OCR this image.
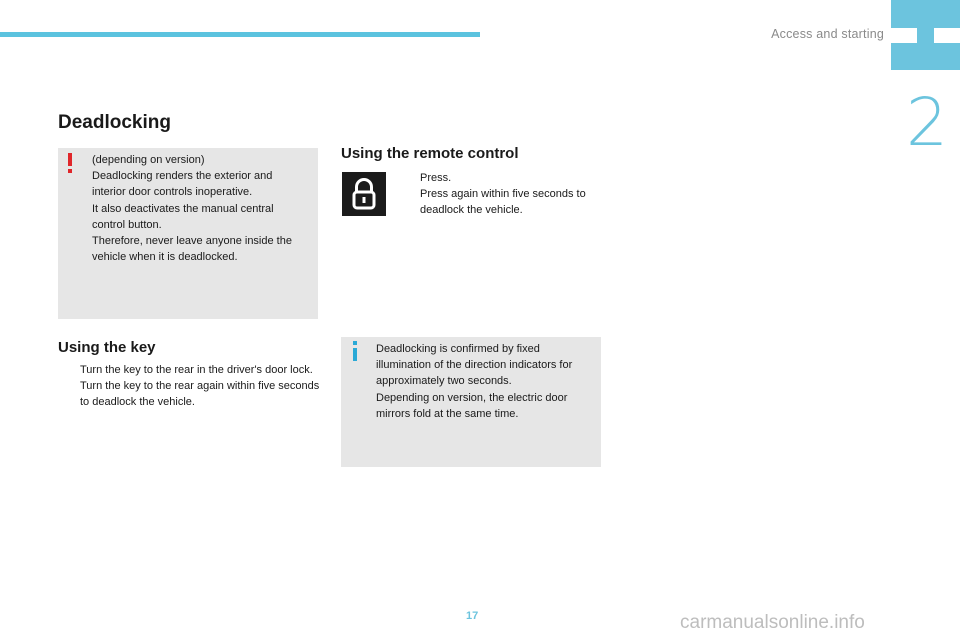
Access and starting
2
Deadlocking

(depending on version)

Deadlocking renders the exterior and interior door controls inoperative.

It also deactivates the manual central control button.

Therefore, never leave anyone inside the vehicle when it is deadlocked.

Using the remote control
Press.
Press again within five seconds to deadlock the vehicle.
Using the key
Turn the key to the rear in the driver's door lock.
Turn the key to the rear again within five seconds to deadlock the vehicle.

Deadlocking is confirmed by fixed illumination of the direction indicators for approximately two seconds.

Depending on version, the electric door mirrors fold at the same time.

17	carmanualsonline.info
